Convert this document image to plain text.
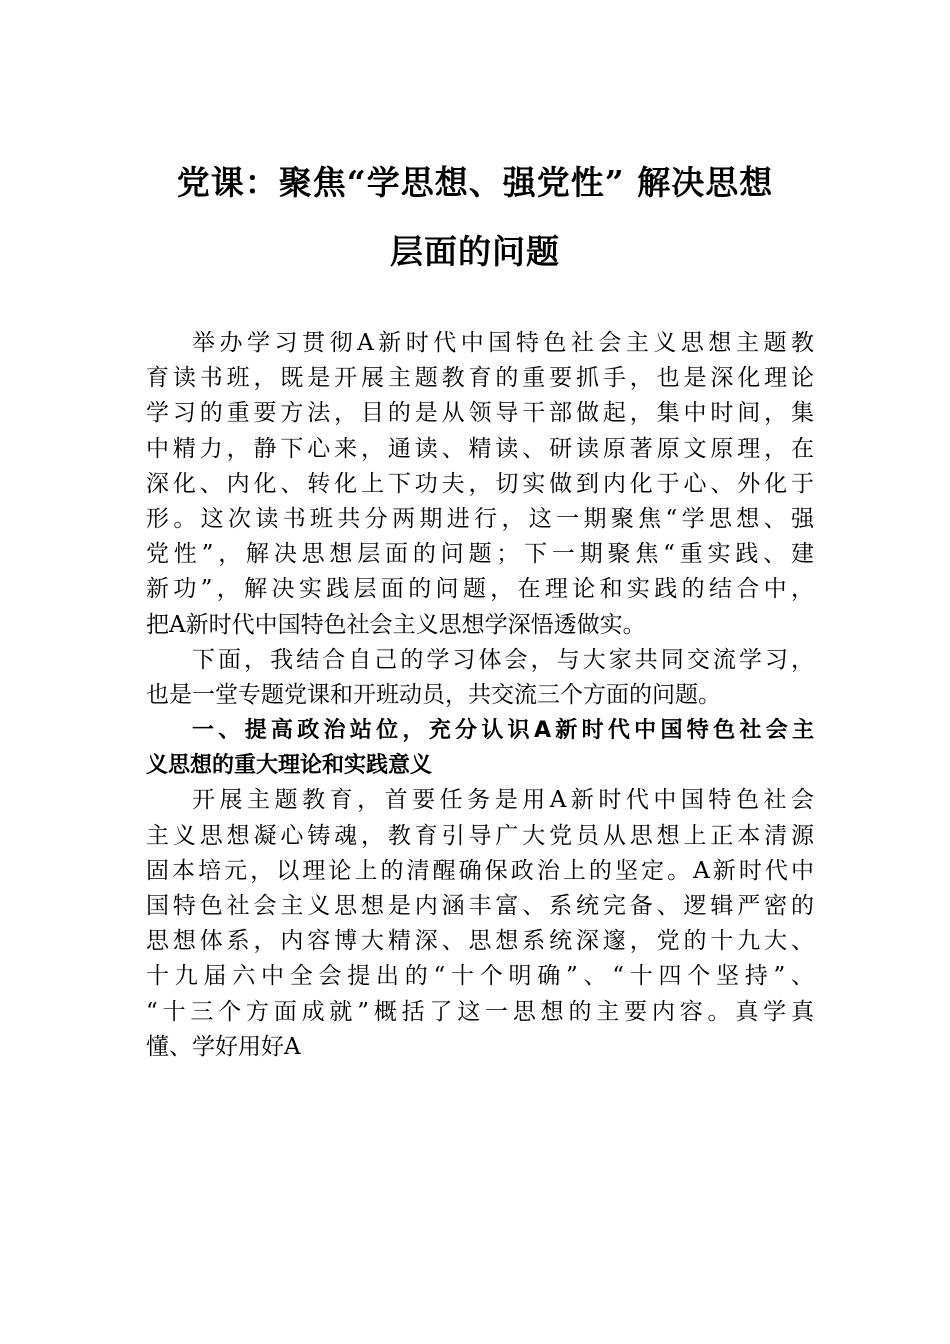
党课：聚焦“学思想、强党性” 解决思想
层面的问题
举办学习贯彻A新时代中国特色社会主义思想主题教
育读书班，既是开展主题教育的重要抓手，也是深化理论
学习的重要方法，目的是从领导干部做起，集中时间，集
中精力，静下心来，通读、精读、研读原著原文原理，在
深化、内化、转化上下功夫，切实做到内化于心、外化于
形。这次读书班共分两期进行，这一期聚焦“学思想、强
党性”，解决思想层面的问题；下一期聚焦“重实践、建
新功”，解决实践层面的问题，在理论和实践的结合中，
把A新时代中国特色社会主义思想学深悟透做实。
下面，我结合自己的学习体会，与大家共同交流学习，
也是一堂专题党课和开班动员，共交流三个方面的问题。
一、提高政治站位，充分认识A新时代中国特色社会主
义思想的重大理论和实践意义
开展主题教育，首要任务是用A新时代中国特色社会
主义思想凝心铸魂，教育引导广大党员从思想上正本清源
固本培元，以理论上的清醒确保政治上的坚定。A新时代中
国特色社会主义思想是内涵丰富、系统完备、逻辑严密的
思想体系，内容博大精深、思想系统深邃，党的十九大、
十九届六中全会提出的“十个明确”、“十四个坚持”、
“十三个方面成就”概括了这一思想的主要内容。真学真
懂、学好用好A
